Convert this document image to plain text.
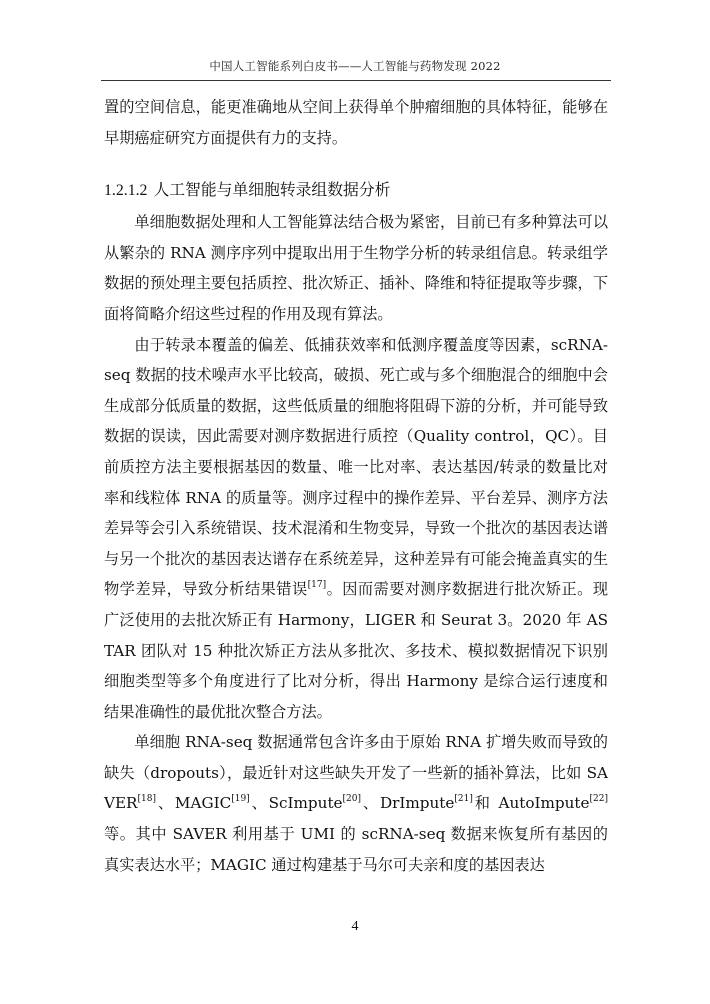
中国人工智能系列白皮书——人工智能与药物发现 2022

置的空间信息，能更准确地从空间上获得单个肿瘤细胞的具体特征，能够在早期癌症研究方面提供有力的支持。

1.2.1.2 人工智能与单细胞转录组数据分析

单细胞数据处理和人工智能算法结合极为紧密，目前已有多种算法可以从繁杂的 RNA 测序序列中提取出用于生物学分析的转录组信息。转录组学数据的预处理主要包括质控、批次矫正、插补、降维和特征提取等步骤，下面将简略介绍这些过程的作用及现有算法。

由于转录本覆盖的偏差、低捕获效率和低测序覆盖度等因素，scRNA-seq 数据的技术噪声水平比较高，破损、死亡或与多个细胞混合的细胞中会生成部分低质量的数据，这些低质量的细胞将阻碍下游的分析，并可能导致数据的误读，因此需要对测序数据进行质控（Quality control，QC）。目前质控方法主要根据基因的数量、唯一比对率、表达基因/转录的数量比对率和线粒体 RNA 的质量等。测序过程中的操作差异、平台差异、测序方法差异等会引入系统错误、技术混淆和生物变异，导致一个批次的基因表达谱与另一个批次的基因表达谱存在系统差异，这种差异有可能会掩盖真实的生物学差异，导致分析结果错误[17]。因而需要对测序数据进行批次矫正。现广泛使用的去批次矫正有 Harmony，LIGER 和 Seurat 3。2020 年 ASTAR 团队对 15 种批次矫正方法从多批次、多技术、模拟数据情况下识别细胞类型等多个角度进行了比对分析，得出 Harmony 是综合运行速度和结果准确性的最优批次整合方法。

单细胞 RNA-seq 数据通常包含许多由于原始 RNA 扩增失败而导致的缺失（dropouts），最近针对这些缺失开发了一些新的插补算法，比如 SAVER[18]、MAGIC[19]、ScImpute[20]、DrImpute[21]和 AutoImpute[22]等。其中 SAVER 利用基于 UMI 的 scRNA-seq 数据来恢复所有基因的真实表达水平；MAGIC 通过构建基于马尔可夫亲和度的基因表达

4
